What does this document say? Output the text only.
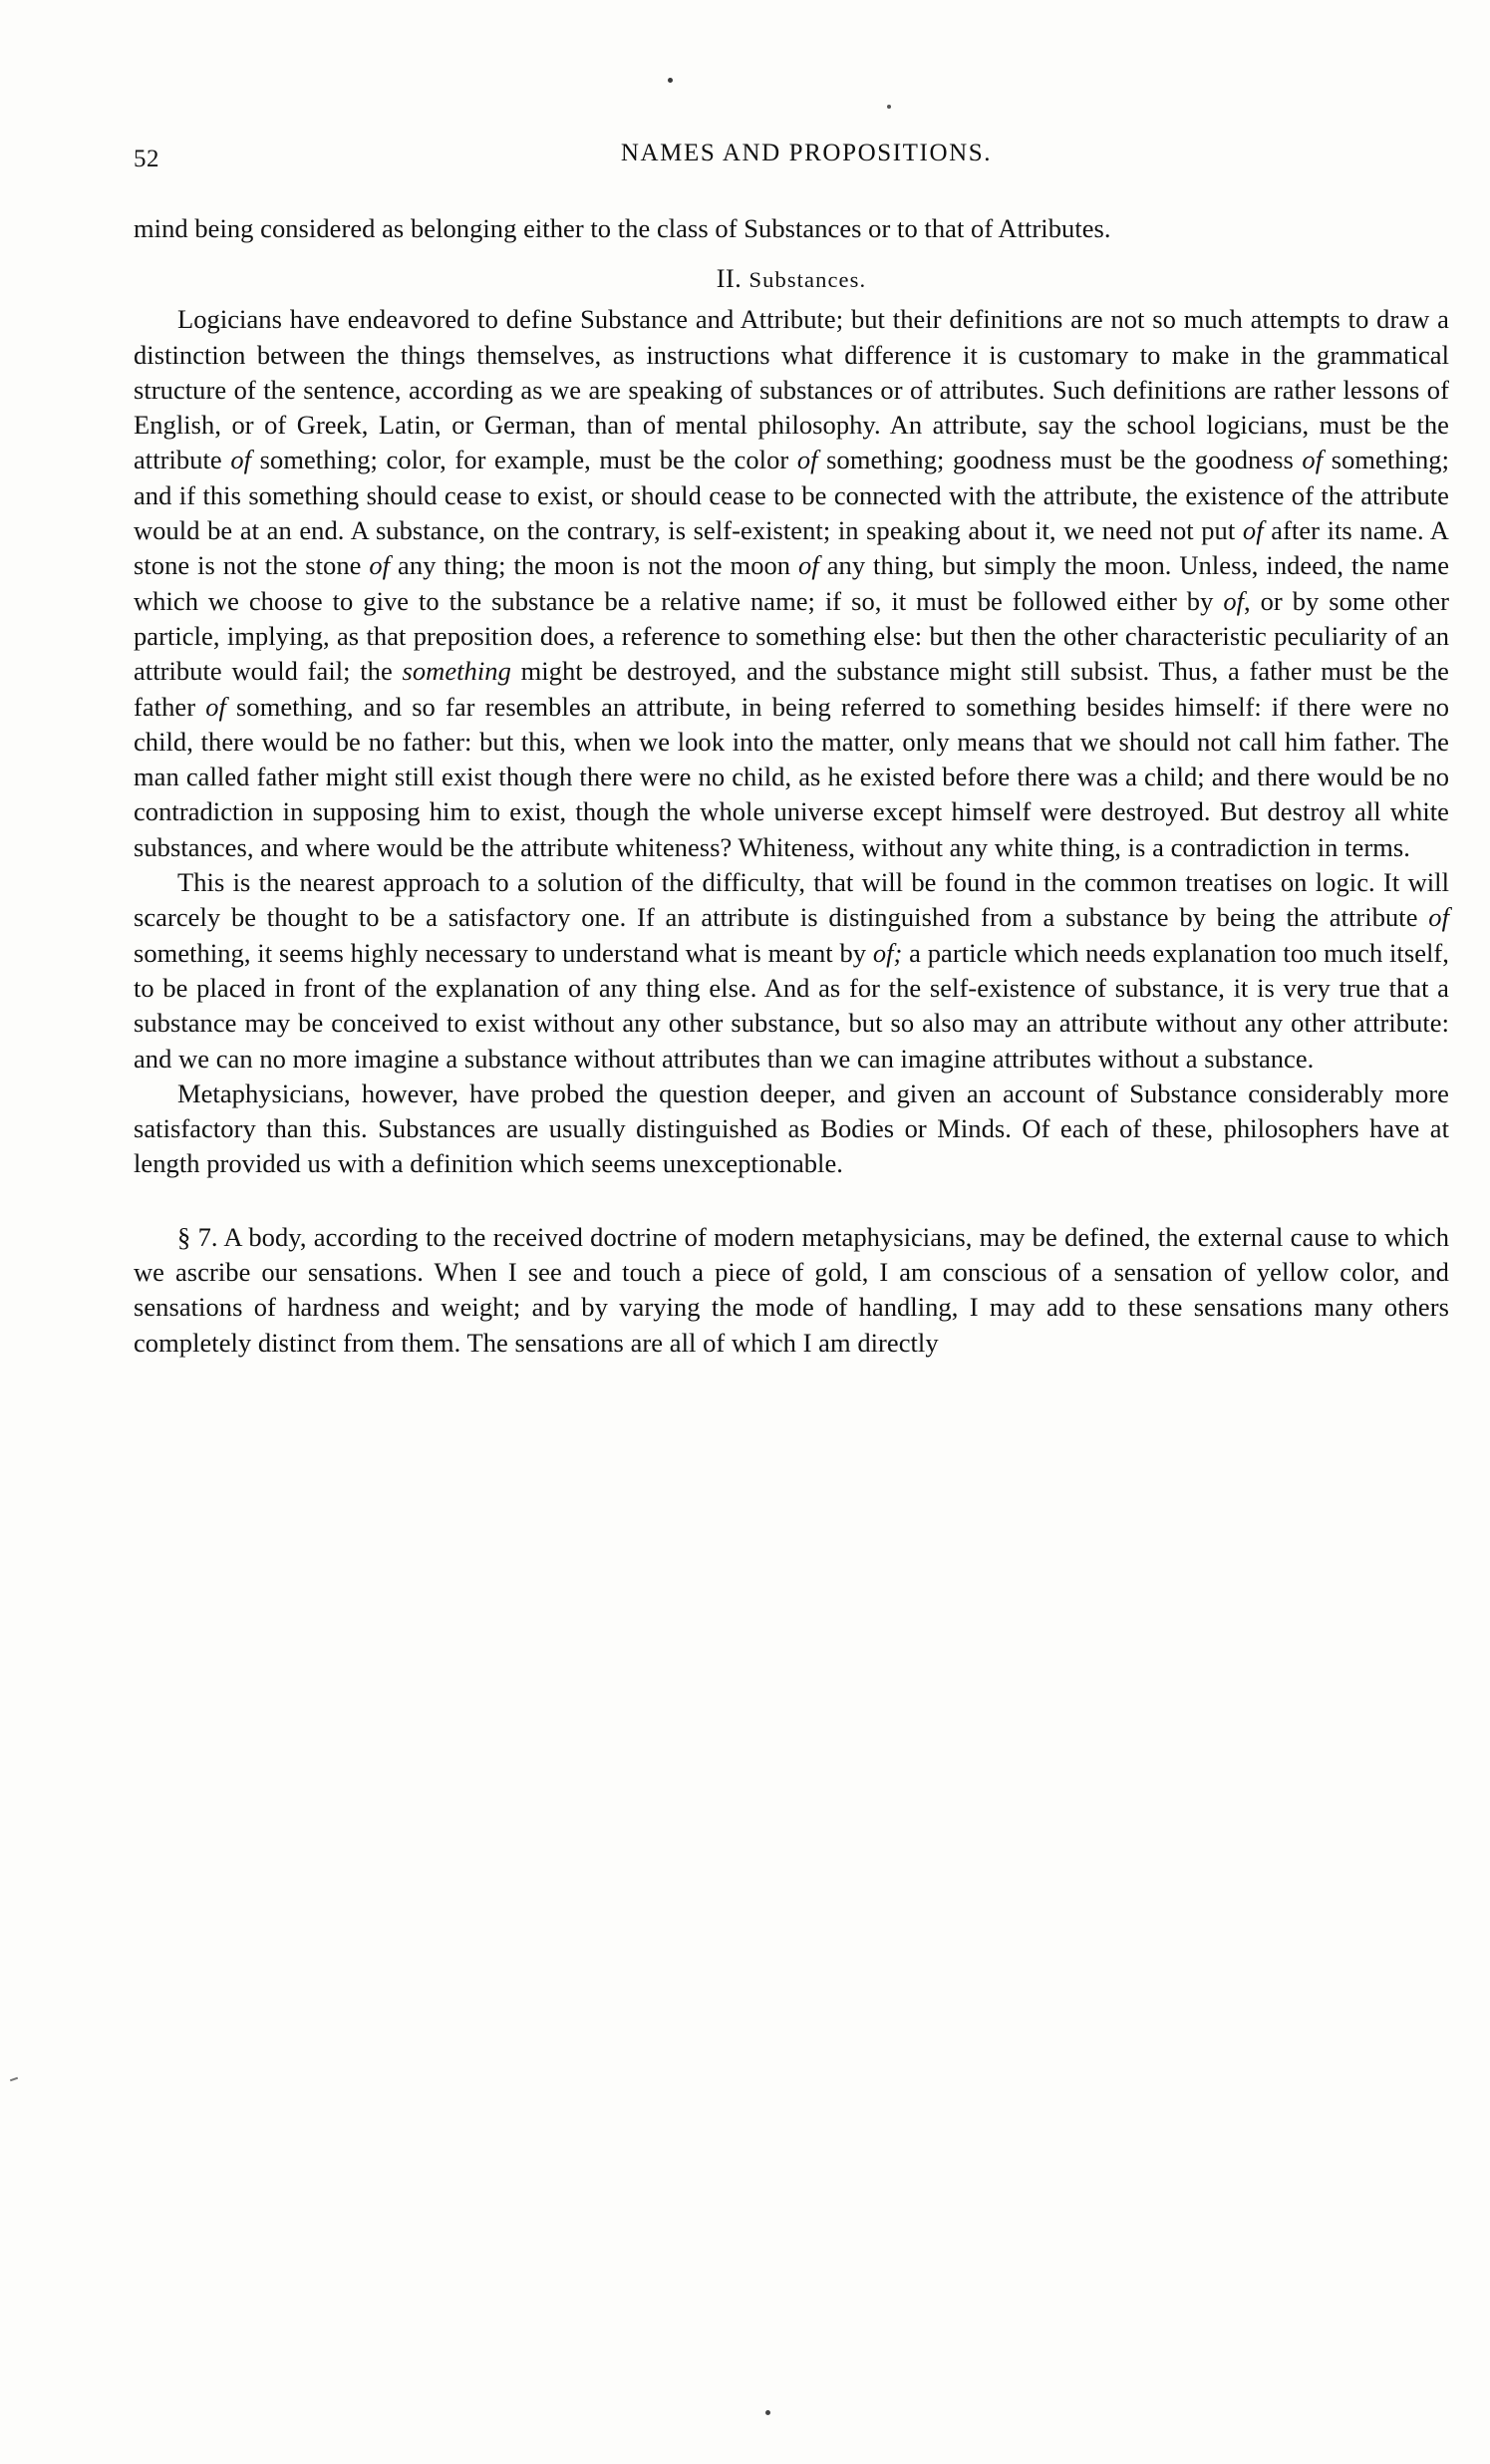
52	NAMES AND PROPOSITIONS.

mind being considered as belonging either to the class of Substances or to that of Attributes.

II. Substances.

Logicians have endeavored to define Substance and Attribute; but their definitions are not so much attempts to draw a distinction between the things themselves, as instructions what difference it is customary to make in the grammatical structure of the sentence, according as we are speaking of substances or of attributes. Such definitions are rather lessons of English, or of Greek, Latin, or German, than of mental philosophy. An attribute, say the school logicians, must be the attribute of something; color, for example, must be the color of something; goodness must be the goodness of something; and if this something should cease to exist, or should cease to be connected with the attribute, the existence of the attribute would be at an end. A substance, on the contrary, is self-existent; in speaking about it, we need not put of after its name. A stone is not the stone of any thing; the moon is not the moon of any thing, but simply the moon. Unless, indeed, the name which we choose to give to the substance be a relative name; if so, it must be followed either by of, or by some other particle, implying, as that preposition does, a reference to something else: but then the other characteristic peculiarity of an attribute would fail; the something might be destroyed, and the substance might still subsist. Thus, a father must be the father of something, and so far resembles an attribute, in being referred to something besides himself: if there were no child, there would be no father: but this, when we look into the matter, only means that we should not call him father. The man called father might still exist though there were no child, as he existed before there was a child; and there would be no contradiction in supposing him to exist, though the whole universe except himself were destroyed. But destroy all white substances, and where would be the attribute whiteness? Whiteness, without any white thing, is a contradiction in terms.

This is the nearest approach to a solution of the difficulty, that will be found in the common treatises on logic. It will scarcely be thought to be a satisfactory one. If an attribute is distinguished from a substance by being the attribute of something, it seems highly necessary to understand what is meant by of; a particle which needs explanation too much itself, to be placed in front of the explanation of any thing else. And as for the self-existence of substance, it is very true that a substance may be conceived to exist without any other substance, but so also may an attribute without any other attribute: and we can no more imagine a substance without attributes than we can imagine attributes without a substance.

Metaphysicians, however, have probed the question deeper, and given an account of Substance considerably more satisfactory than this. Substances are usually distinguished as Bodies or Minds. Of each of these, philosophers have at length provided us with a definition which seems unexceptionable.

§ 7. A body, according to the received doctrine of modern metaphysicians, may be defined, the external cause to which we ascribe our sensations. When I see and touch a piece of gold, I am conscious of a sensation of yellow color, and sensations of hardness and weight; and by varying the mode of handling, I may add to these sensations many others completely distinct from them. The sensations are all of which I am directly
